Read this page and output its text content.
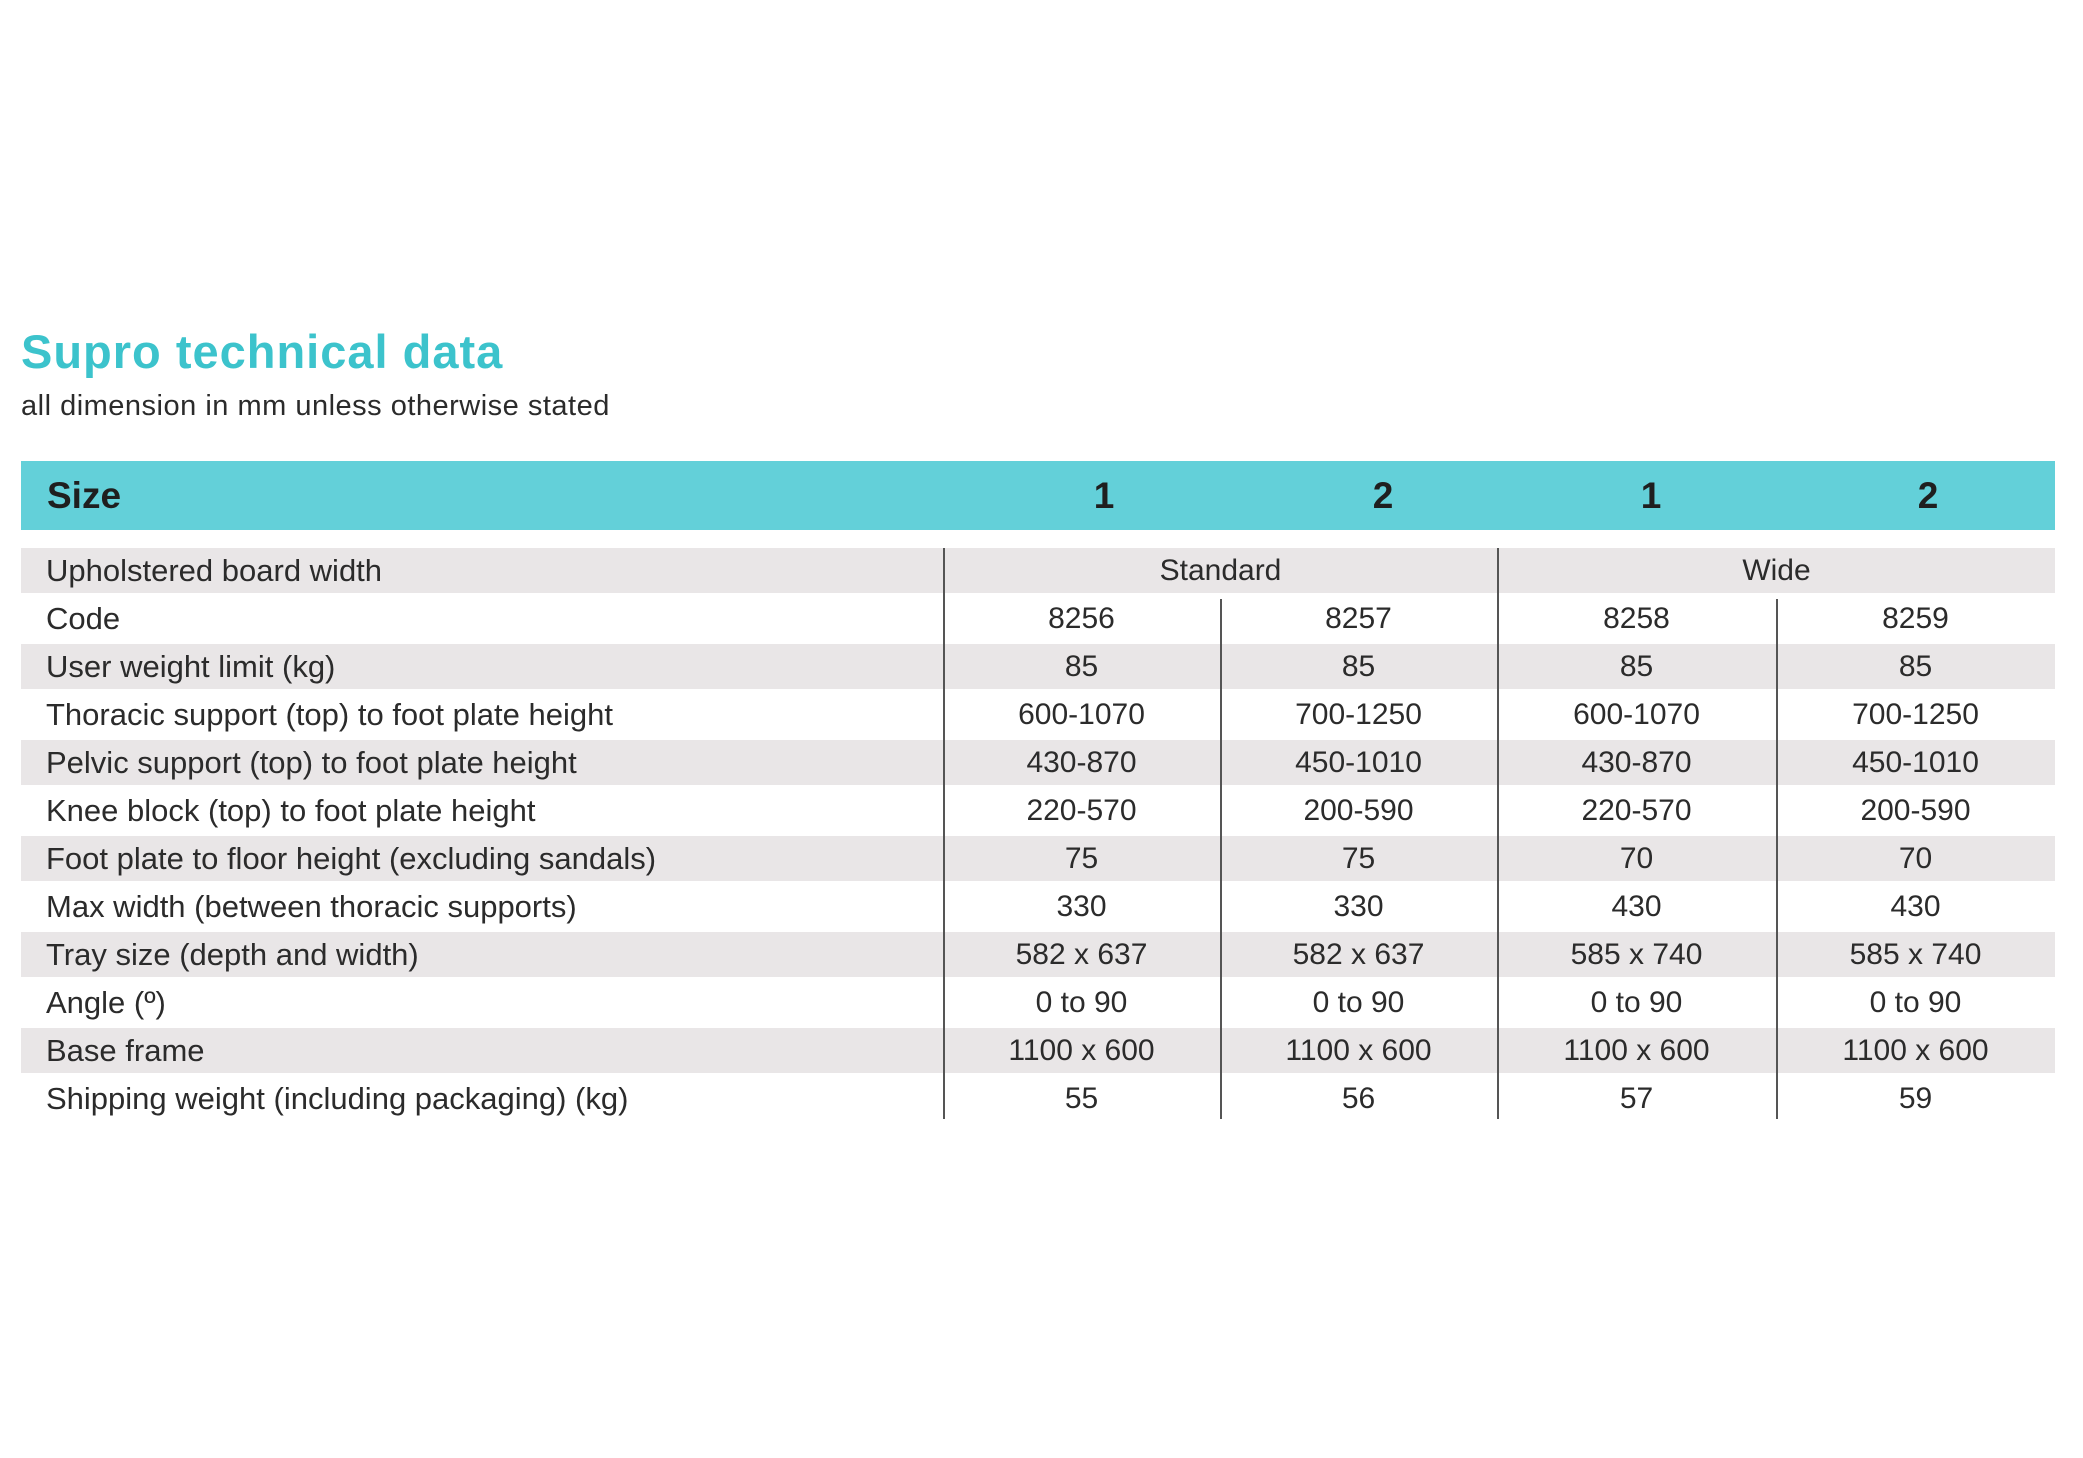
Supro technical data
all dimension in mm unless otherwise stated
Size	1	2	1	2
Upholstered board width	Standard	Wide
Code	8256	8257	8258	8259
User weight limit (kg)	85	85	85	85
Thoracic support (top) to foot plate height	600-1070	700-1250	600-1070	700-1250
Pelvic support (top) to foot plate height	430-870	450-1010	430-870	450-1010
Knee block (top) to foot plate height	220-570	200-590	220-570	200-590
Foot plate to floor height (excluding sandals)	75	75	70	70
Max width (between thoracic supports)	330	330	430	430
Tray size (depth and width)	582 x 637	582 x 637	585 x 740	585 x 740
Angle (º)	0 to 90	0 to 90	0 to 90	0 to 90
Base frame	1100 x 600	1100 x 600	1100 x 600	1100 x 600
Shipping weight (including packaging) (kg)	55	56	57	59
